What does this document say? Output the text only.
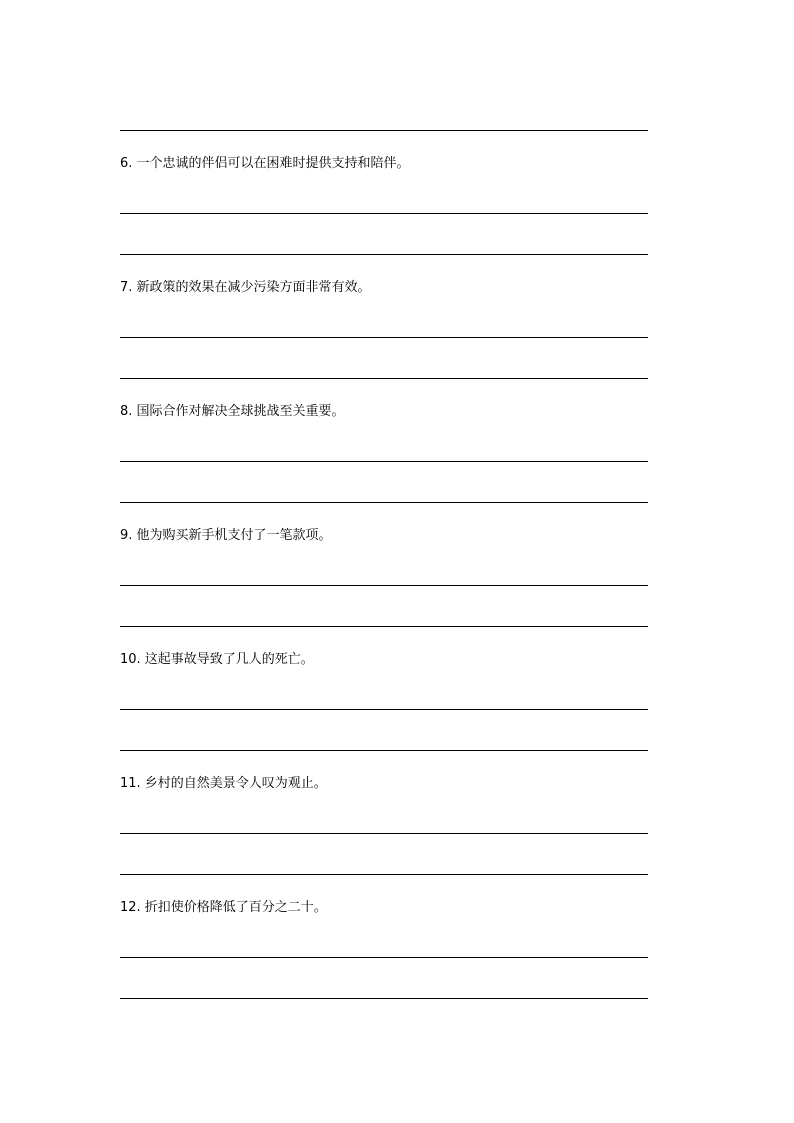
6. 一个忠诚的伴侣可以在困难时提供支持和陪伴。
7. 新政策的效果在减少污染方面非常有效。
8. 国际合作对解决全球挑战至关重要。
9. 他为购买新手机支付了一笔款项。
10. 这起事故导致了几人的死亡。
11. 乡村的自然美景令人叹为观止。
12. 折扣使价格降低了百分之二十。
